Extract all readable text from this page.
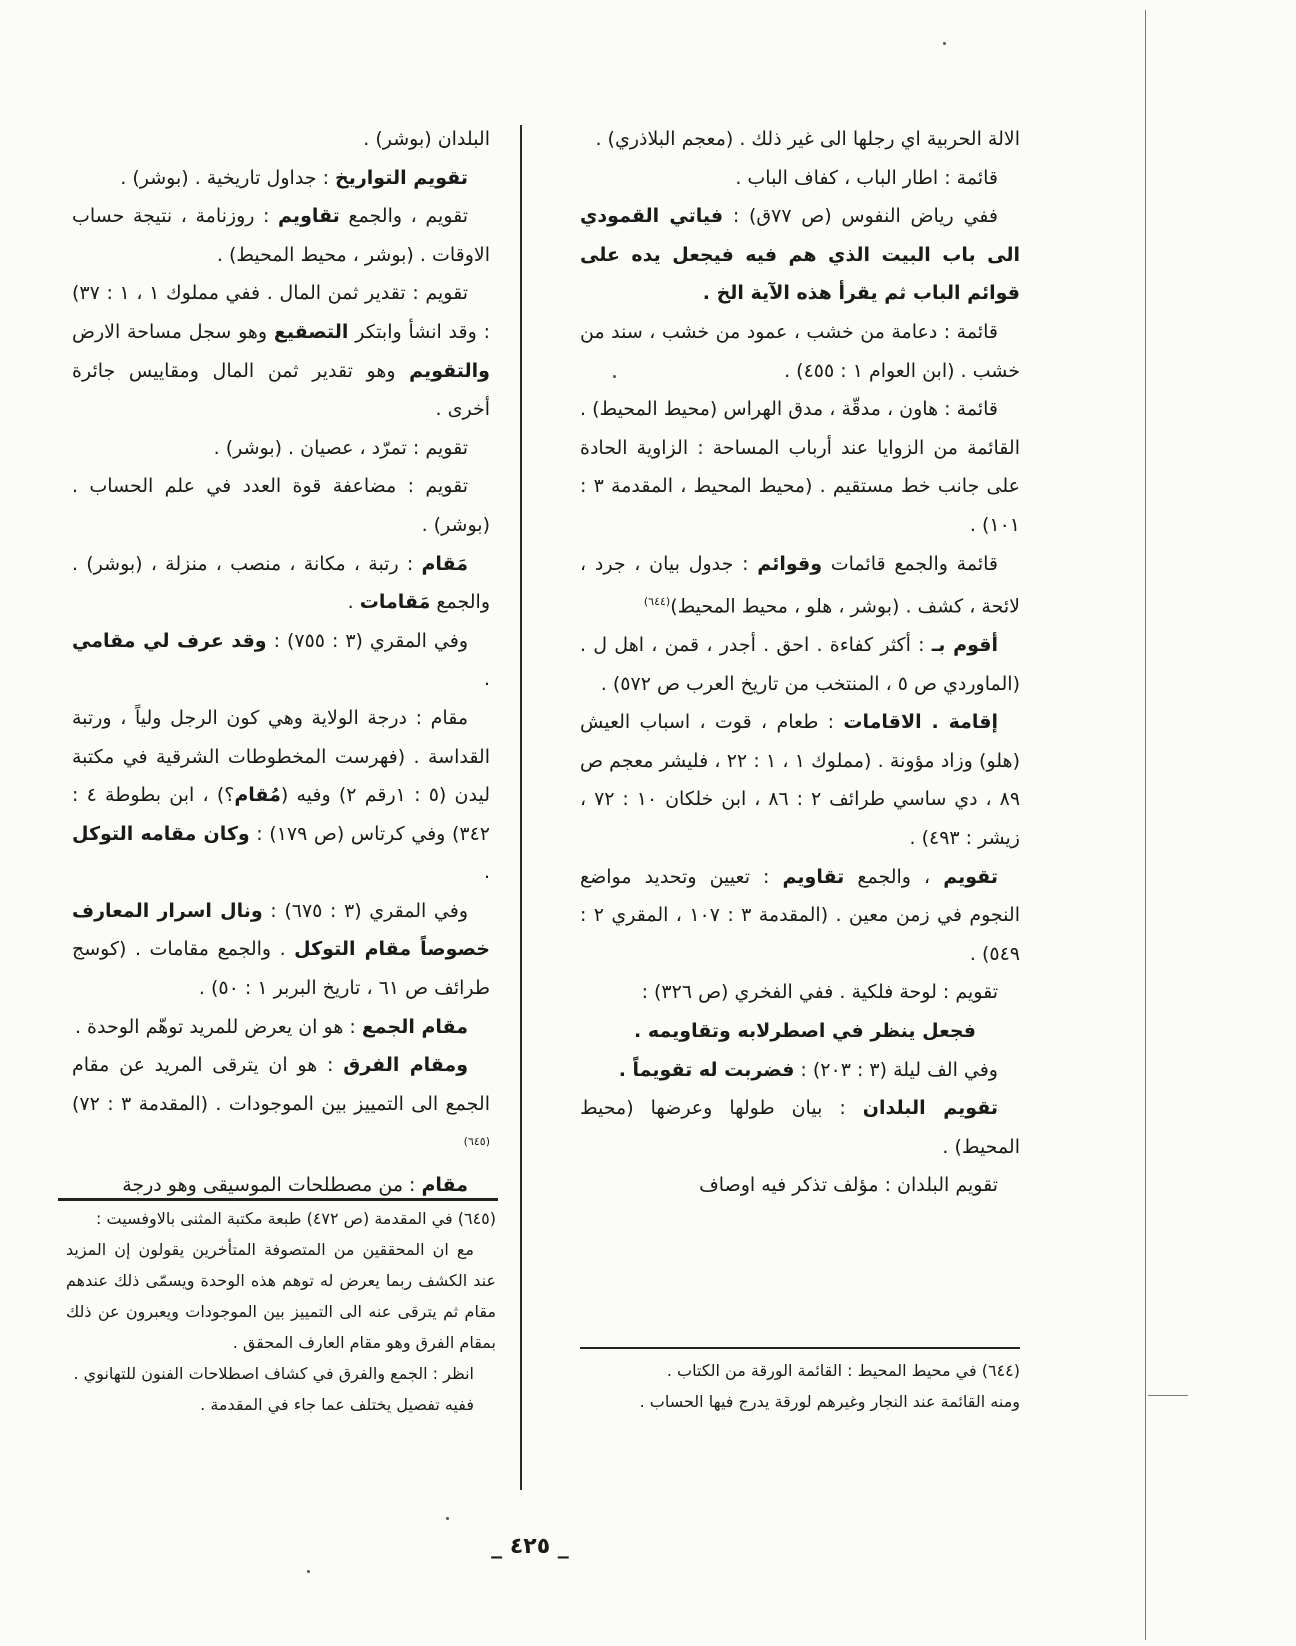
الالة الحربية اي رجلها الى غير ذلك . (معجم البلاذري) .

قائمة : اطار الباب ، كفاف الباب .

ففي رياض النفوس (ص ٧٧ق) : فياتي القمودي الى باب البيت الذي هم فيه فيجعل يده على قوائم الباب ثم يقرأ هذه الآية الخ .

قائمة : دعامة من خشب ، عمود من خشب ، سند من خشب . (ابن العوام ١ : ٤٥٥) .

قائمة : هاون ، مدقّة ، مدق الهراس (محيط المحيط) . القائمة من الزوايا عند أرباب المساحة : الزاوية الحادة على جانب خط مستقيم . (محيط المحيط ، المقدمة ٣ : ١٠١) .

قائمة والجمع قائمات وقوائم : جدول بيان ، جرد ، لائحة ، كشف . (بوشر ، هلو ، محيط المحيط)$^{(٦٤٤)}$

أقوم بـ : أكثر كفاءة . احق . أجدر ، قمن ، اهل ل . (الماوردي ص ٥ ، المنتخب من تاريخ العرب ص ٥٧٢) .

إقامة . الاقامات : طعام ، قوت ، اسباب العيش (هلو) وزاد مؤونة . (مملوك ١ ، ١ : ٢٢ ، فليشر معجم ص ٨٩ ، دي ساسي طرائف ٢ : ٨٦ ، ابن خلكان ١٠ : ٧٢ ، زيشر : ٤٩٣) .

تقويم ، والجمع تقاويم : تعيين وتحديد مواضع النجوم في زمن معين . (المقدمة ٣ : ١٠٧ ، المقري ٢ : ٥٤٩) .

تقويم : لوحة فلكية . ففي الفخري (ص ٣٢٦) :

فجعل ينظر في اصطرلابه وتقاويمه .

وفي الف ليلة (٣ : ٢٠٣) : فضربت له تقويماً .

تقويم البلدان : بيان طولها وعرضها (محيط المحيط) .

تقويم البلدان : مؤلف تذكر فيه اوصاف

البلدان (بوشر) .

تقويم التواريخ : جداول تاريخية . (بوشر) .

تقويم ، والجمع تقاويم : روزنامة ، نتيجة حساب الاوقات . (بوشر ، محيط المحيط) .

تقويم : تقدير ثمن المال . ففي مملوك ١ ، ١ : ٣٧) : وقد انشأ وابتكر التصقيع وهو سجل مساحة الارض والتقويم وهو تقدير ثمن المال ومقاييس جائرة أخرى .

تقويم : تمرّد ، عصيان . (بوشر) .

تقويم : مضاعفة قوة العدد في علم الحساب . (بوشر) .

مَقام : رتبة ، مكانة ، منصب ، منزلة ، (بوشر) . والجمع مَقامات .

وفي المقري (٣ : ٧٥٥) : وقد عرف لي مقامي .

مقام : درجة الولاية وهي كون الرجل ولياً ، ورتبة القداسة . (فهرست المخطوطات الشرقية في مكتبة ليدن (٥ : ١رقم ٢) وفيه (مُقام؟) ، ابن بطوطة ٤ : ٣٤٢) وفي كرتاس (ص ١٧٩) : وكان مقامه التوكل .

وفي المقري (٣ : ٦٧٥) : ونال اسرار المعارف خصوصاً مقام التوكل . والجمع مقامات . (كوسج طرائف ص ٦١ ، تاريخ البربر ١ : ٥٠) .

مقام الجمع : هو ان يعرض للمريد توهّم الوحدة .

ومقام الفرق : هو ان يترقى المريد عن مقام الجمع الى التمييز بين الموجودات . (المقدمة ٣ : ٧٢)$^{(٦٤٥)}$

مقام : من مصطلحات الموسيقى وهو درجة

(٦٤٤) في محيط المحيط : القائمة الورقة من الكتاب .

ومنه القائمة عند النجار وغيرهم لورقة يدرج فيها الحساب .

(٦٤٥) في المقدمة (ص ٤٧٢) طبعة مكتبة المثنى بالاوفسيت :

مع ان المحققين من المتصوفة المتأخرين يقولون إن المزيد عند الكشف ربما يعرض له توهم هذه الوحدة ويسمّى ذلك عندهم مقام ثم يترقى عنه الى التمييز بين الموجودات ويعبرون عن ذلك بمقام الفرق وهو مقام العارف المحقق .

انظر : الجمع والفرق في كشاف اصطلاحات الفنون للتهانوي .

ففيه تفصيل يختلف عما جاء في المقدمة .

_ ٤٢٥ _
